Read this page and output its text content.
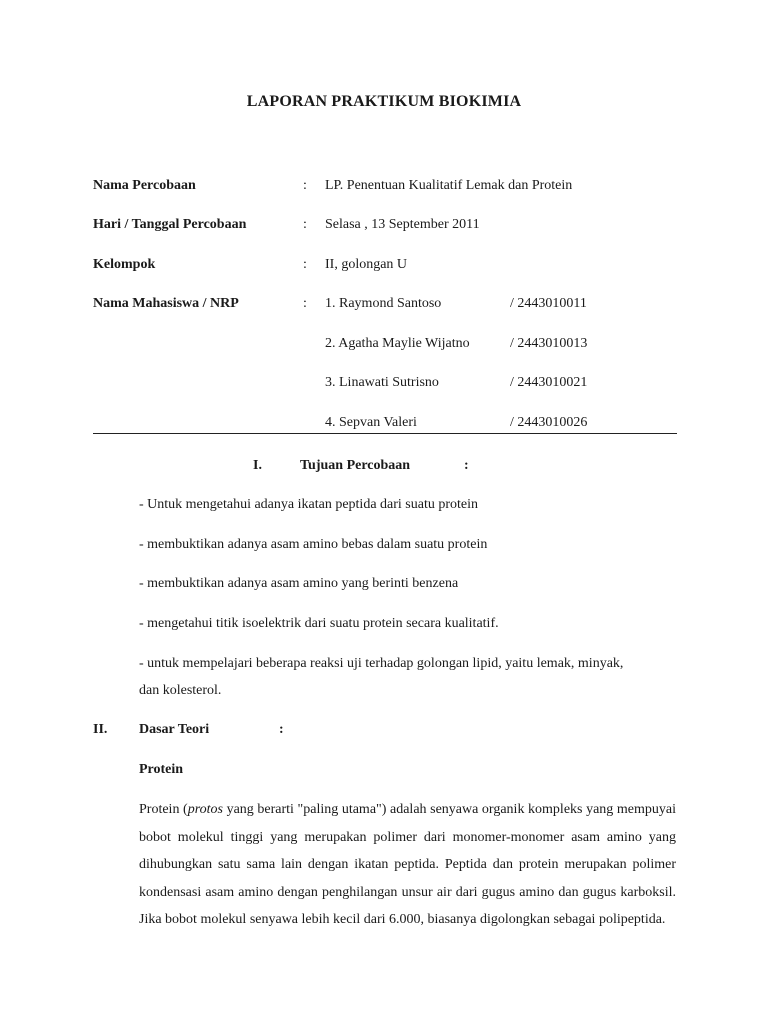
LAPORAN PRAKTIKUM BIOKIMIA
Nama Percobaan	: LP. Penentuan Kualitatif Lemak dan Protein
Hari / Tanggal Percobaan	: Selasa , 13 September 2011
Kelompok	: II, golongan U
Nama Mahasiswa / NRP	: 1. Raymond Santoso	/ 2443010011
2. Agatha Maylie Wijatno	/ 2443010013
3. Linawati Sutrisno	/ 2443010021
4. Sepvan Valeri	/ 2443010026
I.	Tujuan Percobaan	:
- Untuk mengetahui adanya ikatan peptida dari suatu protein
- membuktikan adanya asam amino bebas dalam suatu protein
- membuktikan adanya asam amino yang berinti benzena
- mengetahui titik isoelektrik dari suatu protein secara kualitatif.
- untuk mempelajari beberapa reaksi uji terhadap golongan lipid, yaitu lemak, minyak,
dan kolesterol.
II. Dasar Teori	:
Protein
Protein (protos yang berarti "paling utama") adalah senyawa organik kompleks yang mempuyai bobot molekul tinggi yang merupakan polimer dari monomer-monomer asam amino yang dihubungkan satu sama lain dengan ikatan peptida. Peptida dan protein merupakan polimer kondensasi asam amino dengan penghilangan unsur air dari gugus amino dan gugus karboksil. Jika bobot molekul senyawa lebih kecil dari 6.000, biasanya digolongkan sebagai polipeptida.
